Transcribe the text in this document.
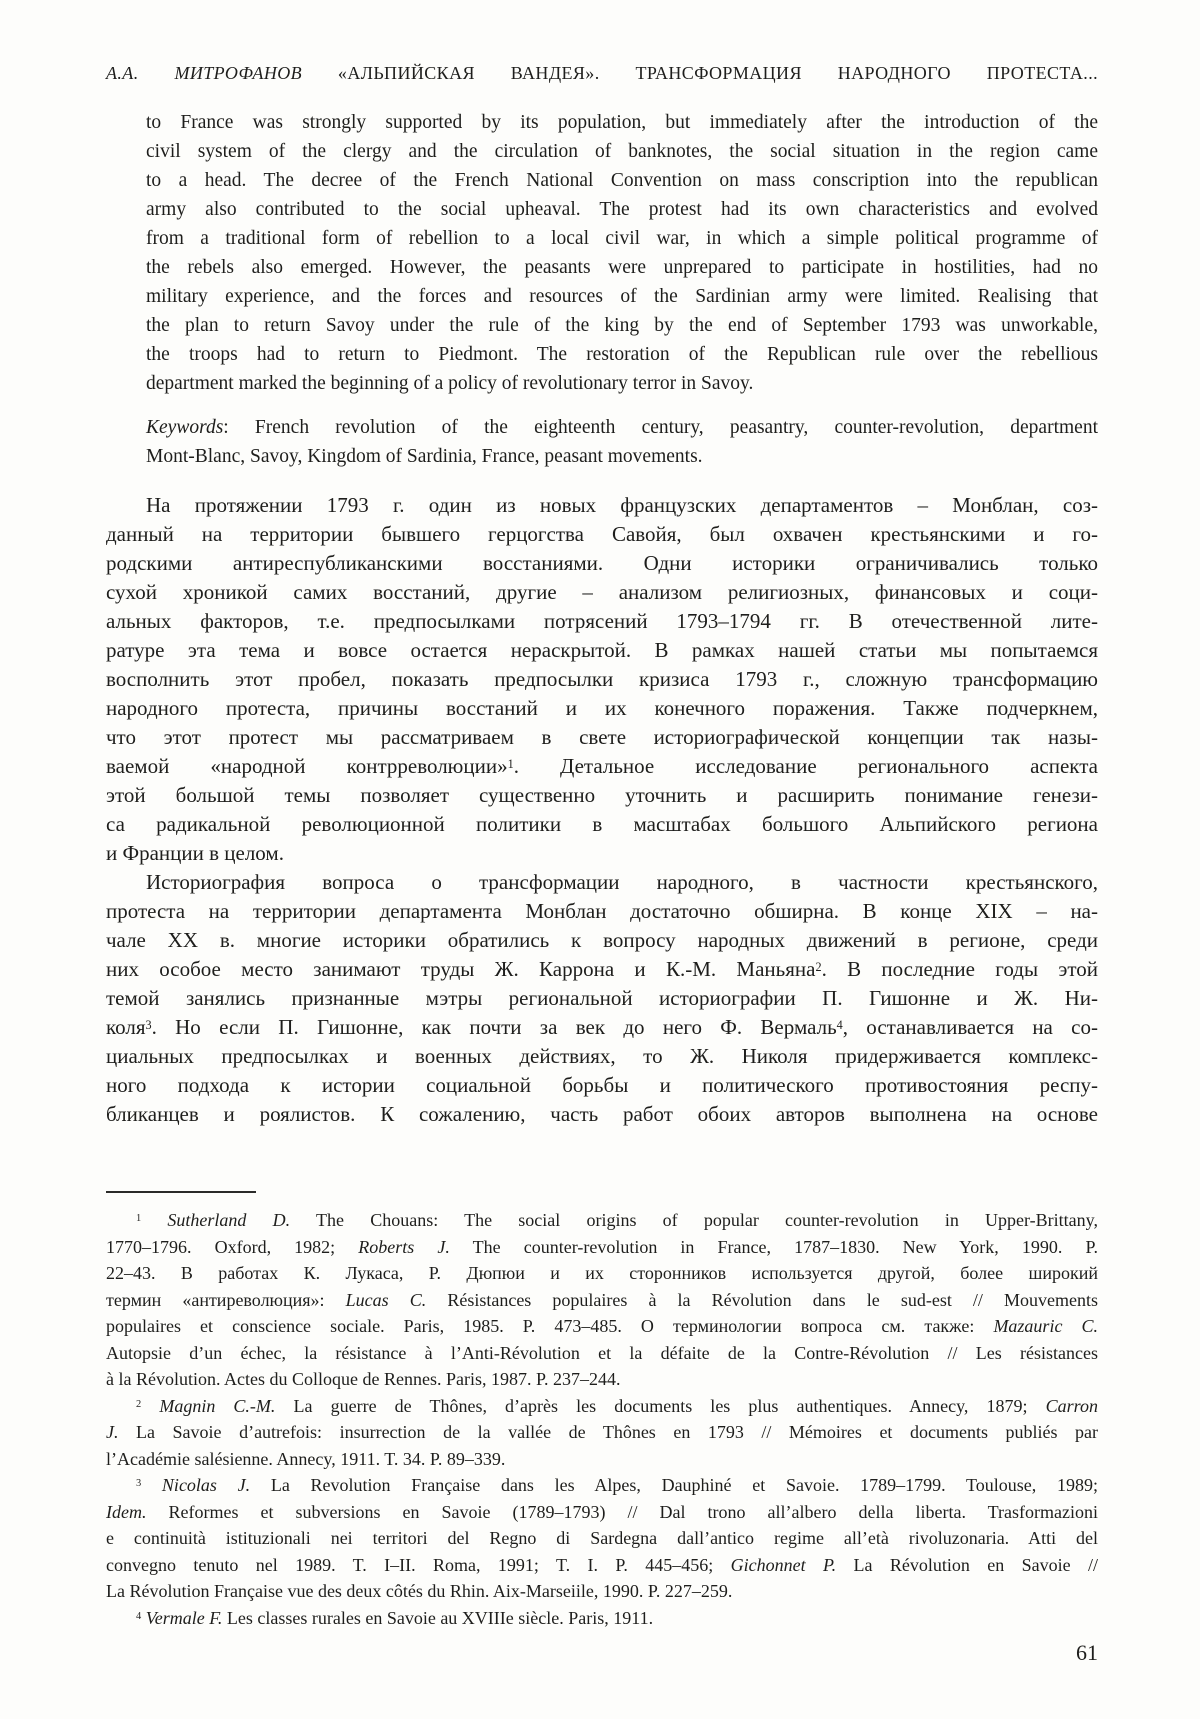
А.А. МИТРОФАНОВ «АЛЬПИЙСКАЯ ВАНДЕЯ». ТРАНСФОРМАЦИЯ НАРОДНОГО ПРОТЕСТА...
to France was strongly supported by its population, but immediately after the introduction of the
civil system of the clergy and the circulation of banknotes, the social situation in the region came
to a head. The decree of the French National Convention on mass conscription into the republican
army also contributed to the social upheaval. The protest had its own characteristics and evolved
from a traditional form of rebellion to a local civil war, in which a simple political programme of
the rebels also emerged. However, the peasants were unprepared to participate in hostilities, had no
military experience, and the forces and resources of the Sardinian army were limited. Realising that
the plan to return Savoy under the rule of the king by the end of September 1793 was unworkable,
the troops had to return to Piedmont. The restoration of the Republican rule over the rebellious
department marked the beginning of a policy of revolutionary terror in Savoy.
Keywords: French revolution of the eighteenth century, peasantry, counter-revolution, department
Mont-Blanc, Savoy, Kingdom of Sardinia, France, peasant movements.
На протяжении 1793 г. один из новых французских департаментов – Монблан, соз-
данный на территории бывшего герцогства Савойя, был охвачен крестьянскими и го-
родскими антиреспубликанскими восстаниями. Одни историки ограничивались только
сухой хроникой самих восстаний, другие – анализом религиозных, финансовых и соци-
альных факторов, т.е. предпосылками потрясений 1793–1794 гг. В отечественной лите-
ратуре эта тема и вовсе остается нераскрытой. В рамках нашей статьи мы попытаемся
восполнить этот пробел, показать предпосылки кризиса 1793 г., сложную трансформацию
народного протеста, причины восстаний и их конечного поражения. Также подчеркнем,
что этот протест мы рассматриваем в свете историографической концепции так назы-
ваемой «народной контрреволюции»$^1$. Детальное исследование регионального аспекта
этой большой темы позволяет существенно уточнить и расширить понимание генези-
са радикальной революционной политики в масштабах большого Альпийского региона
и Франции в целом.
Историография вопроса о трансформации народного, в частности крестьянского,
протеста на территории департамента Монблан достаточно обширна. В конце XIX – на-
чале XX в. многие историки обратились к вопросу народных движений в регионе, среди
них особое место занимают труды Ж. Каррона и К.-М. Маньяна$^2$. В последние годы этой
темой занялись признанные мэтры региональной историографии П. Гишонне и Ж. Ни-
коля$^3$. Но если П. Гишонне, как почти за век до него Ф. Вермаль$^4$, останавливается на со-
циальных предпосылках и военных действиях, то Ж. Николя придерживается комплекс-
ного подхода к истории социальной борьбы и политического противостояния респу-
бликанцев и роялистов. К сожалению, часть работ обоих авторов выполнена на основе
$^1$ Sutherland D. The Chouans: The social origins of popular counter-revolution in Upper-Brittany,
1770–1796. Oxford, 1982; Roberts J. The counter-revolution in France, 1787–1830. New York, 1990. P.
22–43. В работах К. Лукаса, Р. Дюпюи и их сторонников используется другой, более широкий
термин «антиреволюция»: Lucas C. Résistances populaires à la Révolution dans le sud-est // Mouvements
populaires et conscience sociale. Paris, 1985. P. 473–485. О терминологии вопроса см. также: Mazauric C.
Autopsie d’un échec, la résistance à l’Anti-Révolution et la défaite de la Contre-Révolution // Les résistances
à la Révolution. Actes du Colloque de Rennes. Paris, 1987. P. 237–244.
$^2$ Magnin C.-M. La guerre de Thônes, d’après les documents les plus authentiques. Annecy, 1879; Carron
J. La Savoie d’autrefois: insurrection de la vallée de Thônes en 1793 // Mémoires et documents publiés par
l’Académie salésienne. Annecy, 1911. T. 34. P. 89–339.
$^3$ Nicolas J. La Revolution Française dans les Alpes, Dauphiné et Savoie. 1789–1799. Toulouse, 1989;
Idem. Reformes et subversions en Savoie (1789–1793) // Dal trono all’albero della liberta. Trasformazioni
e continuità istituzionali nei territori del Regno di Sardegna dall’antico regime all’età rivoluzonaria. Atti del
convegno tenuto nel 1989. T. I–II. Roma, 1991; T. I. P. 445–456; Gichonnet P. La Révolution en Savoie //
La Révolution Française vue des deux côtés du Rhin. Aix-Marseiile, 1990. P. 227–259.
$^4$ Vermale F. Les classes rurales en Savoie au XVIIIe siècle. Paris, 1911.
61
